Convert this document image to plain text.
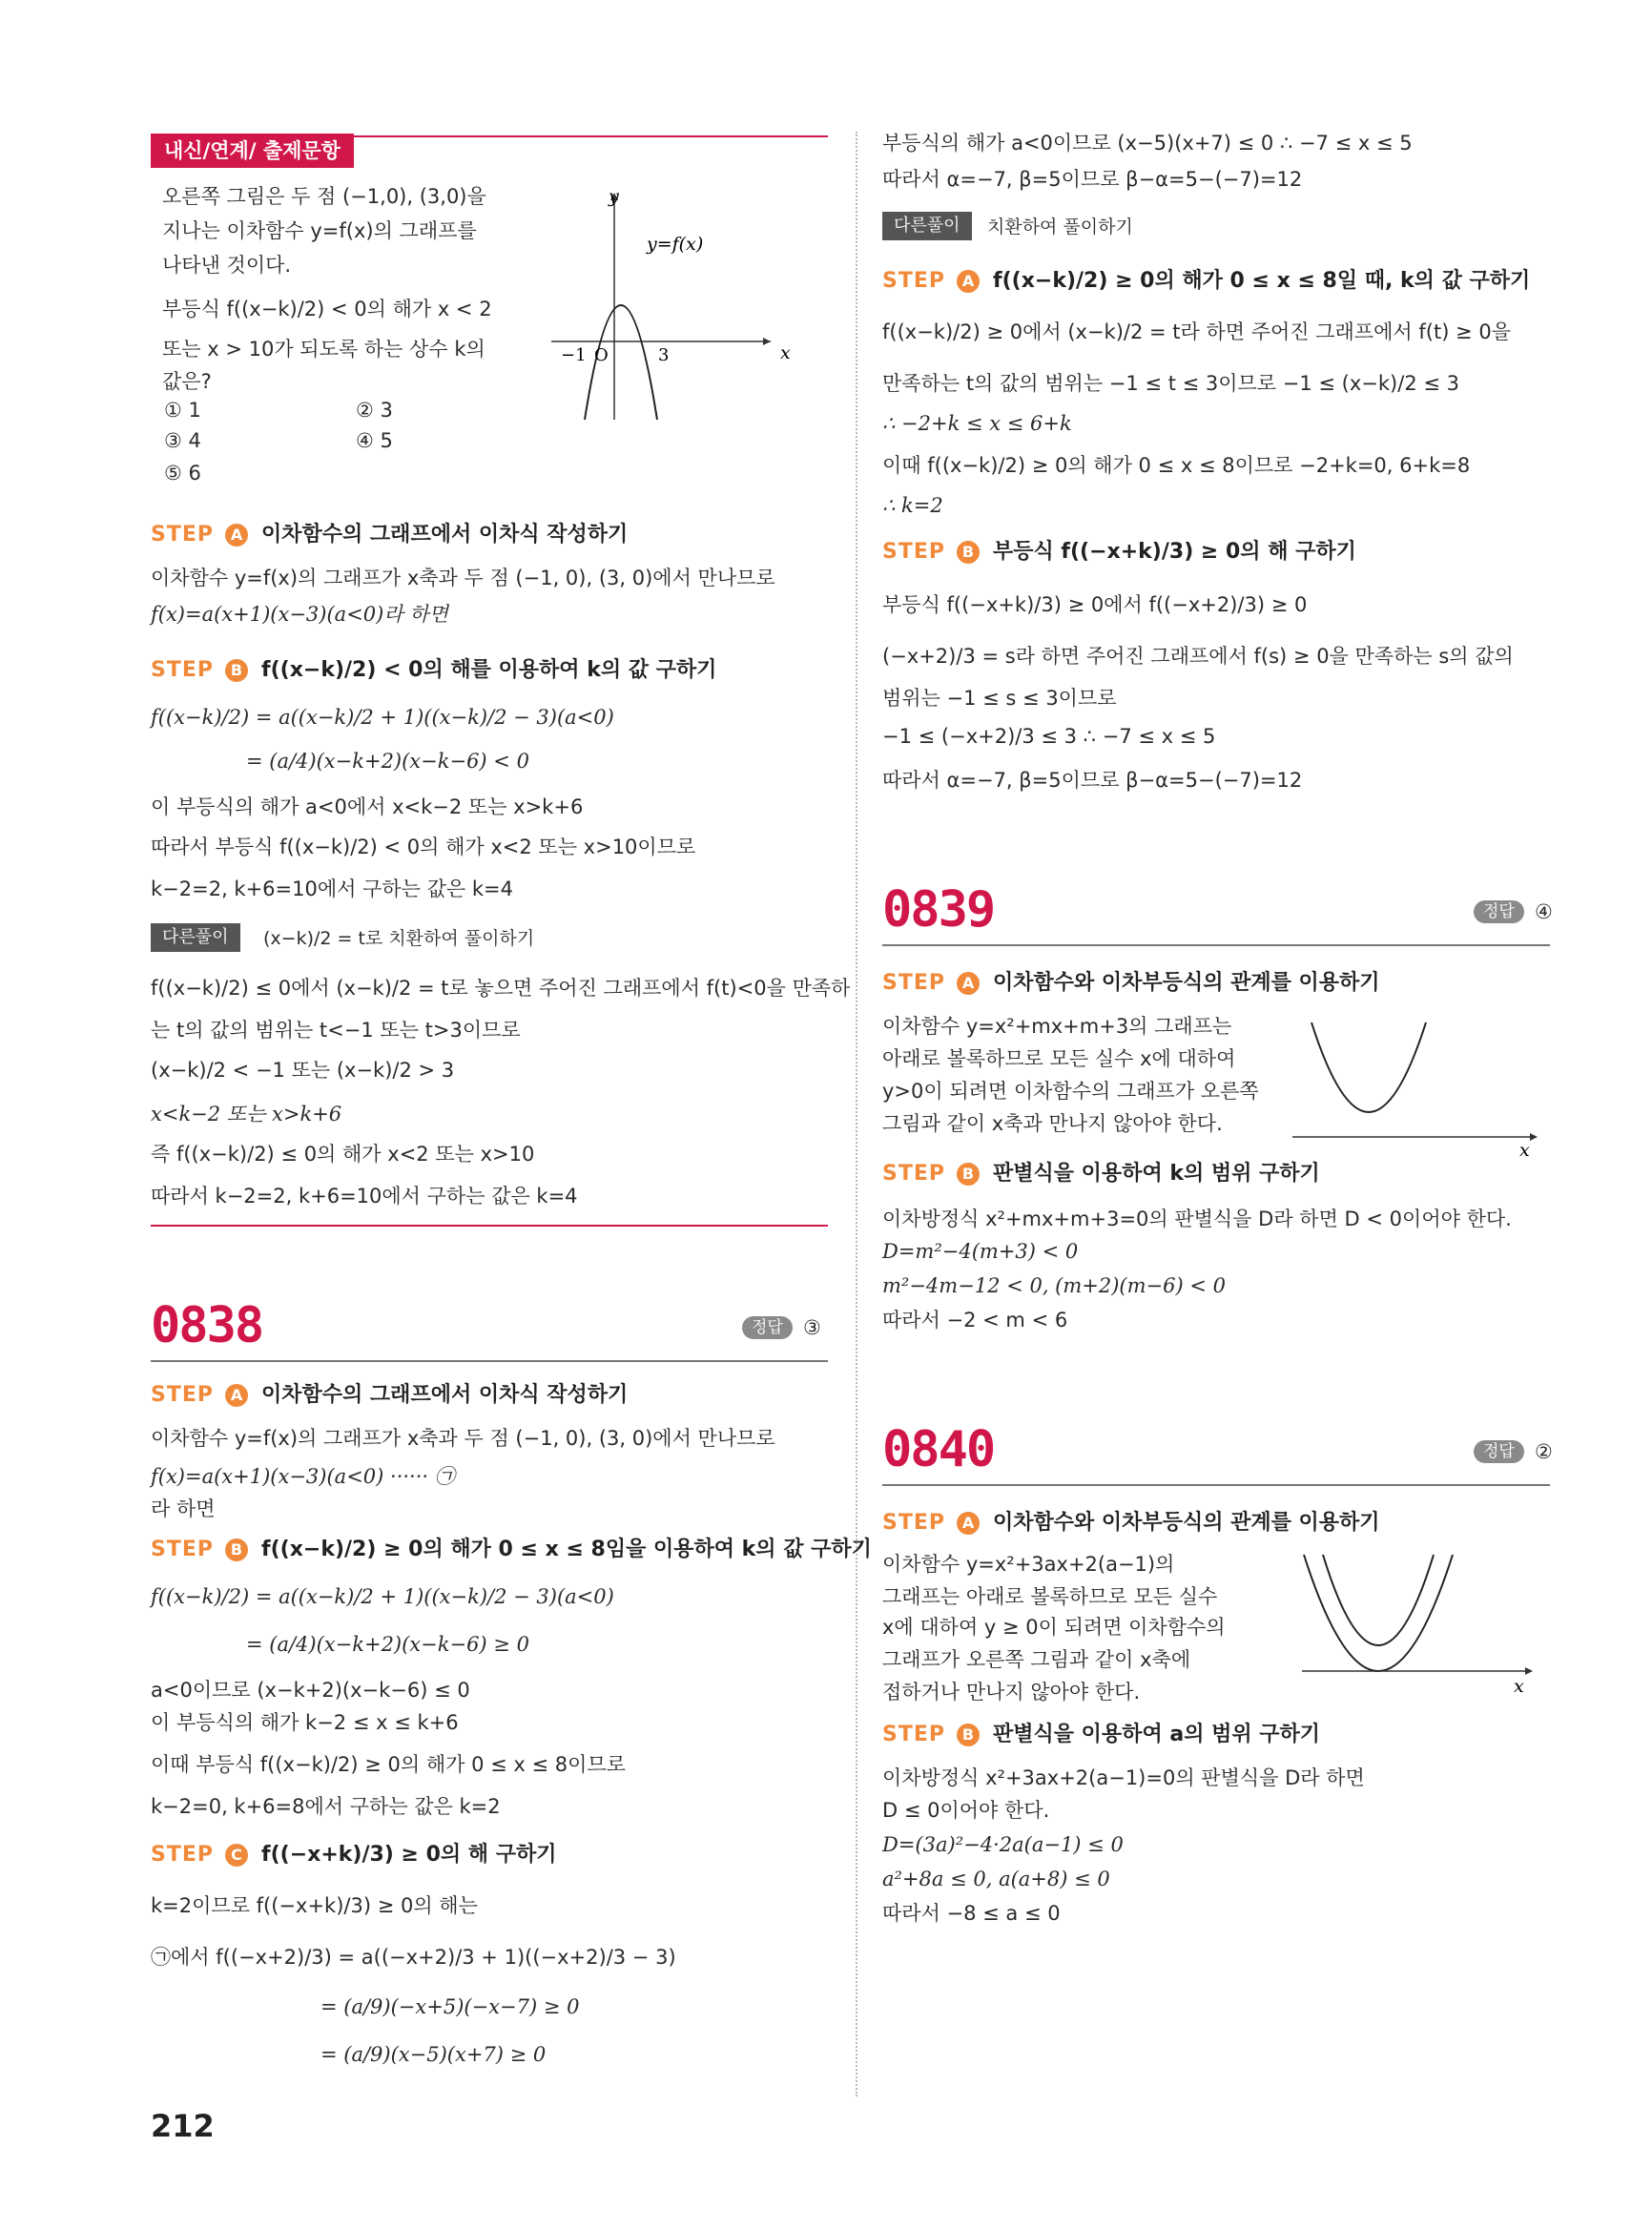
내신/연계/ 출제문항
오른쪽 그림은 두 점 (−1,0), (3,0)을
지나는 이차함수 y=f(x)의 그래프를
나타낸 것이다.
부등식 f((x−k)/2) < 0의 해가 x < 2
또는 x > 10가 되도록 하는 상수 k의
값은?
① 1	② 3
③ 4	④ 5
⑤ 6
y
x
y=f(x)
−1 O	3
STEP A 이차함수의 그래프에서 이차식 작성하기
이차함수 y=f(x)의 그래프가 x축과 두 점 (−1, 0), (3, 0)에서 만나므로
f(x)=a(x+1)(x−3)(a<0)라 하면
STEP B f((x−k)/2) < 0의 해를 이용하여 k의 값 구하기
f((x−k)/2) = a((x−k)/2 + 1)((x−k)/2 − 3)(a<0)
= (a/4)(x−k+2)(x−k−6) < 0
이 부등식의 해가 a<0에서 x<k−2 또는 x>k+6
따라서 부등식 f((x−k)/2) < 0의 해가 x<2 또는 x>10이므로
k−2=2, k+6=10에서 구하는 값은 k=4
다른풀이	(x−k)/2 = t로 치환하여 풀이하기
f((x−k)/2) ≤ 0에서 (x−k)/2 = t로 놓으면 주어진 그래프에서 f(t)<0을 만족하
는 t의 값의 범위는 t<−1 또는 t>3이므로
(x−k)/2 < −1 또는 (x−k)/2 > 3
x<k−2 또는 x>k+6
즉 f((x−k)/2) ≤ 0의 해가 x<2 또는 x>10
따라서 k−2=2, k+6=10에서 구하는 값은 k=4
0838	정답	③
STEP A 이차함수의 그래프에서 이차식 작성하기
이차함수 y=f(x)의 그래프가 x축과 두 점 (−1, 0), (3, 0)에서 만나므로
f(x)=a(x+1)(x−3)(a<0) ······ ㉠
라 하면
STEP B f((x−k)/2) ≥ 0의 해가 0 ≤ x ≤ 8임을 이용하여 k의 값 구하기
f((x−k)/2) = a((x−k)/2 + 1)((x−k)/2 − 3)(a<0)
= (a/4)(x−k+2)(x−k−6) ≥ 0
a<0이므로 (x−k+2)(x−k−6) ≤ 0
이 부등식의 해가 k−2 ≤ x ≤ k+6
이때 부등식 f((x−k)/2) ≥ 0의 해가 0 ≤ x ≤ 8이므로
k−2=0, k+6=8에서 구하는 값은 k=2
STEP C f((−x+k)/3) ≥ 0의 해 구하기
k=2이므로 f((−x+k)/3) ≥ 0의 해는
㉠에서 f((−x+2)/3) = a((−x+2)/3 + 1)((−x+2)/3 − 3)
= (a/9)(−x+5)(−x−7) ≥ 0
= (a/9)(x−5)(x+7) ≥ 0
212
부등식의 해가 a<0이므로 (x−5)(x+7) ≤ 0 ∴ −7 ≤ x ≤ 5
따라서 α=−7, β=5이므로 β−α=5−(−7)=12
다른풀이	치환하여 풀이하기
STEP A f((x−k)/2) ≥ 0의 해가 0 ≤ x ≤ 8일 때, k의 값 구하기
f((x−k)/2) ≥ 0에서 (x−k)/2 = t라 하면 주어진 그래프에서 f(t) ≥ 0을
만족하는 t의 값의 범위는 −1 ≤ t ≤ 3이므로 −1 ≤ (x−k)/2 ≤ 3
∴ −2+k ≤ x ≤ 6+k
이때 f((x−k)/2) ≥ 0의 해가 0 ≤ x ≤ 8이므로 −2+k=0, 6+k=8
∴ k=2
STEP B 부등식 f((−x+k)/3) ≥ 0의 해 구하기
부등식 f((−x+k)/3) ≥ 0에서 f((−x+2)/3) ≥ 0
(−x+2)/3 = s라 하면 주어진 그래프에서 f(s) ≥ 0을 만족하는 s의 값의
범위는 −1 ≤ s ≤ 3이므로
−1 ≤ (−x+2)/3 ≤ 3 ∴ −7 ≤ x ≤ 5
따라서 α=−7, β=5이므로 β−α=5−(−7)=12
0839	정답	④
STEP A 이차함수와 이차부등식의 관계를 이용하기
이차함수 y=x²+mx+m+3의 그래프는
아래로 볼록하므로 모든 실수 x에 대하여
y>0이 되려면 이차함수의 그래프가 오른쪽
그림과 같이 x축과 만나지 않아야 한다.
x
STEP B 판별식을 이용하여 k의 범위 구하기
이차방정식 x²+mx+m+3=0의 판별식을 D라 하면 D < 0이어야 한다.
D=m²−4(m+3) < 0
m²−4m−12 < 0, (m+2)(m−6) < 0
따라서 −2 < m < 6
0840	정답	②
STEP A 이차함수와 이차부등식의 관계를 이용하기
이차함수 y=x²+3ax+2(a−1)의
그래프는 아래로 볼록하므로 모든 실수
x에 대하여 y ≥ 0이 되려면 이차함수의
그래프가 오른쪽 그림과 같이 x축에
접하거나 만나지 않아야 한다.	x
STEP B 판별식을 이용하여 a의 범위 구하기
이차방정식 x²+3ax+2(a−1)=0의 판별식을 D라 하면
D ≤ 0이어야 한다.
D=(3a)²−4·2a(a−1) ≤ 0
a²+8a ≤ 0, a(a+8) ≤ 0
따라서 −8 ≤ a ≤ 0
